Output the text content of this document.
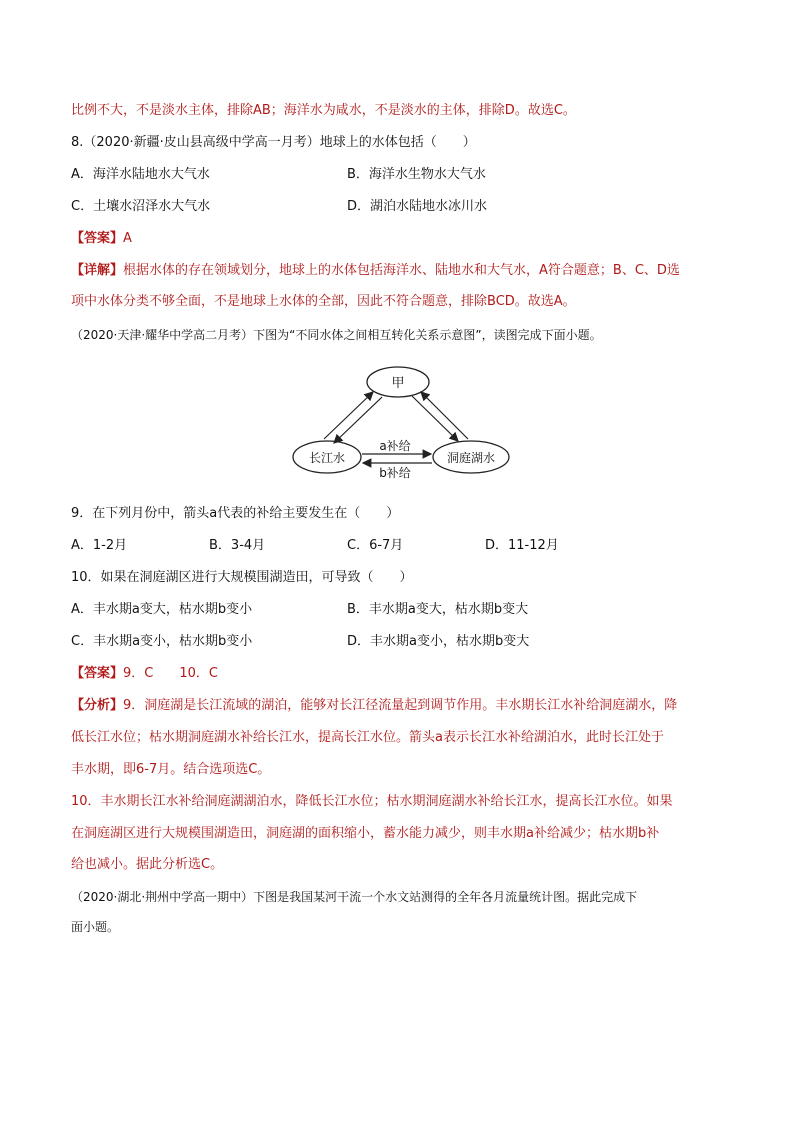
比例不大，不是淡水主体，排除AB；海洋水为咸水，不是淡水的主体，排除D。故选C。
8.（2020·新疆·皮山县高级中学高一月考）地球上的水体包括（　　）
A．海洋水陆地水大气水	B．海洋水生物水大气水
C．土壤水沼泽水大气水	D．湖泊水陆地水冰川水
【答案】A
【详解】根据水体的存在领域划分，地球上的水体包括海洋水、陆地水和大气水，A符合题意；B、C、D选
项中水体分类不够全面，不是地球上水体的全部，因此不符合题意，排除BCD。故选A。
（2020·天津·耀华中学高二月考）下图为“不同水体之间相互转化关系示意图”，读图完成下面小题。
甲
长江水	洞庭湖水
a补给
b补给
9．在下列月份中，箭头a代表的补给主要发生在（　　）
A．1-2月	B．3-4月	C．6-7月	D．11-12月
10．如果在洞庭湖区进行大规模围湖造田，可导致（　　）
A．丰水期a变大，枯水期b变小	B．丰水期a变大，枯水期b变大
C．丰水期a变小，枯水期b变小	D．丰水期a变小，枯水期b变大
【答案】9．C　　10．C
【分析】9．洞庭湖是长江流域的湖泊，能够对长江径流量起到调节作用。丰水期长江水补给洞庭湖水，降
低长江水位；枯水期洞庭湖水补给长江水，提高长江水位。箭头a表示长江水补给湖泊水，此时长江处于
丰水期，即6-7月。结合选项选C。
10．丰水期长江水补给洞庭湖湖泊水，降低长江水位；枯水期洞庭湖水补给长江水，提高长江水位。如果
在洞庭湖区进行大规模围湖造田，洞庭湖的面积缩小，蓄水能力减少，则丰水期a补给减少；枯水期b补
给也减小。据此分析选C。
（2020·湖北·荆州中学高一期中）下图是我国某河干流一个水文站测得的全年各月流量统计图。据此完成下
面小题。
